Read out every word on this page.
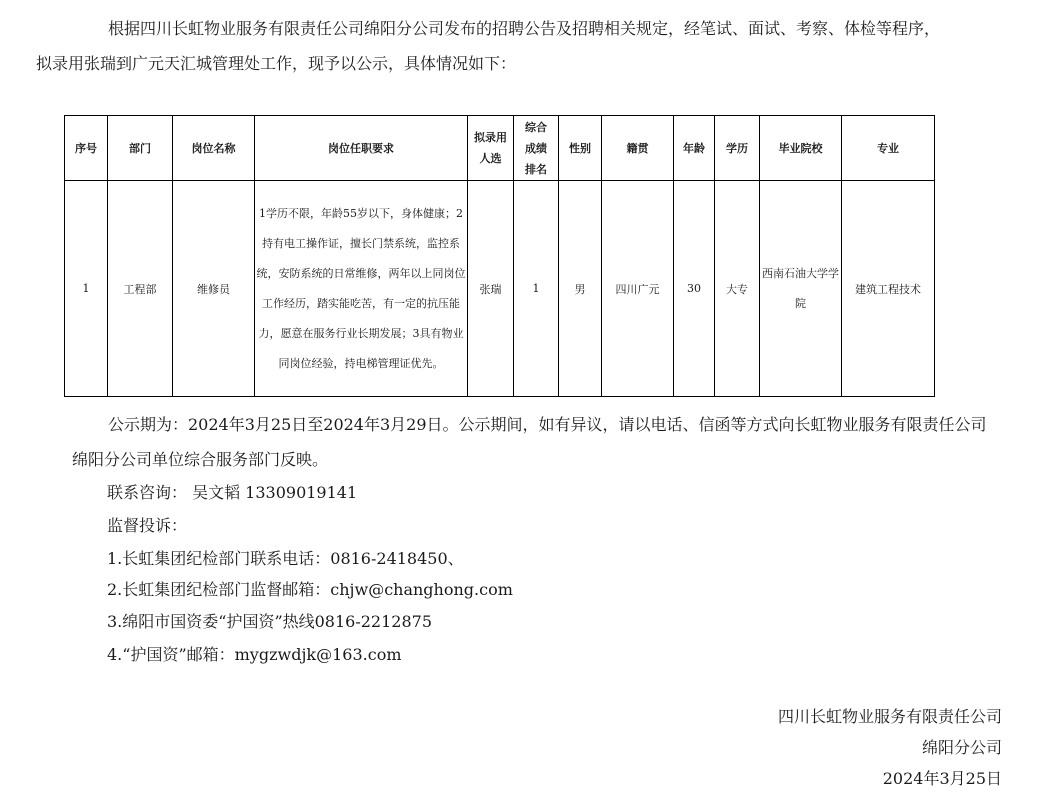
根据四川长虹物业服务有限责任公司绵阳分公司发布的招聘公告及招聘相关规定，经笔试、面试、考察、体检等程序，
拟录用张瑞到广元天汇城管理处工作，现予以公示，具体情况如下：

序号	部门	岗位名称	岗位任职要求	拟录用人选	综合成绩排名	性别	籍贯	年龄	学历	毕业院校	专业
1	工程部	维修员	1学历不限，年龄55岁以下，身体健康；2持有电工操作证，擅长门禁系统，监控系统，安防系统的日常维修，两年以上同岗位工作经历，踏实能吃苦，有一定的抗压能力，愿意在服务行业长期发展；3具有物业同岗位经验，持电梯管理证优先。	张瑞	1	男	四川广元	30	大专	西南石油大学学院	建筑工程技术

公示期为：2024年3月25日至2024年3月29日。公示期间，如有异议，请以电话、信函等方式向长虹物业服务有限责任公司绵阳分公司单位综合服务部门反映。

联系咨询： 吴文韬 13309019141
监督投诉：
1.长虹集团纪检部门联系电话：0816-2418450、
2.长虹集团纪检部门监督邮箱：chjw@changhong.com
3.绵阳市国资委“护国资”热线0816-2212875
4.“护国资”邮箱：mygzwdjk@163.com
四川长虹物业服务有限责任公司
绵阳分公司
2024年3月25日
